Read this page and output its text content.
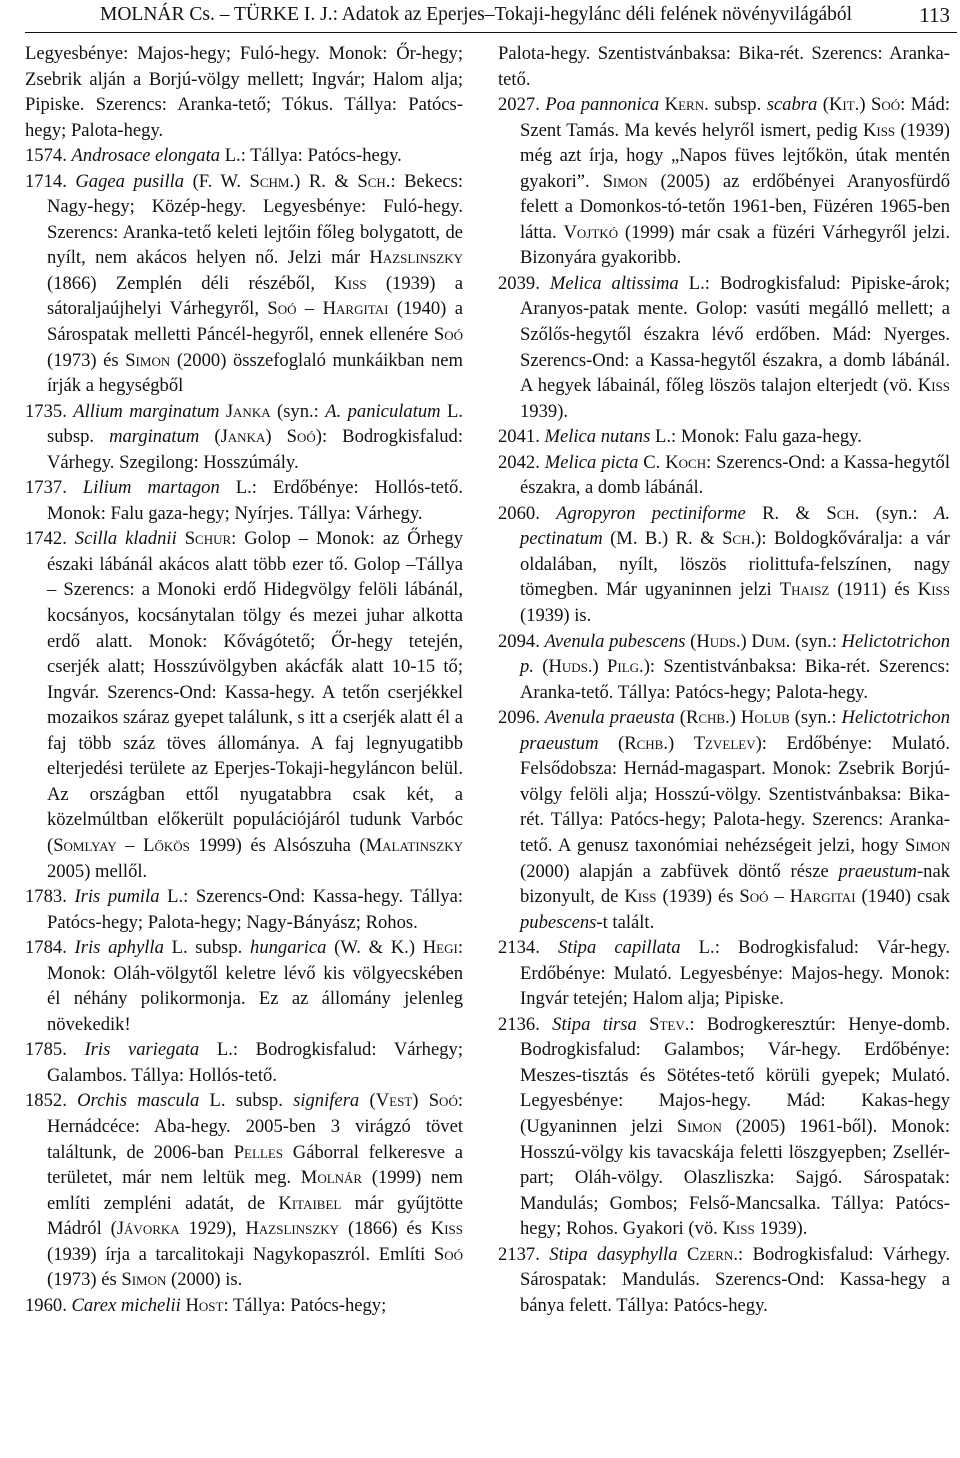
MOLNÁR Cs. – TÜRKE I. J.: Adatok az Eperjes–Tokaji-hegylánc déli felének növényvilágából	113

Legyesbénye: Majos-hegy; Fuló-hegy. Monok: Őr-hegy; Zsebrik alján a Borjú-völgy mellett; Ingvár; Halom alja; Pipiske. Szerencs: Aranka-tető; Tókus. Tállya: Patócs-hegy; Palota-hegy.

1574. Androsace elongata L.: Tállya: Patócs-hegy.

1714. Gagea pusilla (F. W. Schm.) R. & Sch.: Bekecs: Nagy-hegy; Közép-hegy. Legyesbénye: Fuló-hegy. Szerencs: Aranka-tető keleti lejtőin főleg bolygatott, de nyílt, nem akácos helyen nő. Jelzi már Hazslinszky (1866) Zemplén déli részéből, Kiss (1939) a sátoraljaújhelyi Várhegyről, Soó – Hargitai (1940) a Sárospatak melletti Páncél-hegyről, ennek ellenére Soó (1973) és Simon (2000) összefoglaló munkáikban nem írják a hegységből

1735. Allium marginatum Janka (syn.: A. paniculatum L. subsp. marginatum (Janka) Soó): Bodrogkisfalud: Várhegy. Szegilong: Hosszúmály.

1737. Lilium martagon L.: Erdőbénye: Hollós-tető. Monok: Falu gaza-hegy; Nyírjes. Tállya: Várhegy.

1742. Scilla kladnii Schur: Golop – Monok: az Őrhegy északi lábánál akácos alatt több ezer tő. Golop –Tállya – Szerencs: a Monoki erdő Hidegvölgy felöli lábánál, kocsányos, kocsánytalan tölgy és mezei juhar alkotta erdő alatt. Monok: Kővágótető; Őr-hegy tetején, cserjék alatt; Hosszúvölgyben akácfák alatt 10-15 tő; Ingvár. Szerencs-Ond: Kassa-hegy. A tetőn cserjékkel mozaikos száraz gyepet találunk, s itt a cserjék alatt él a faj több száz töves állománya. A faj legnyugatibb elterjedési területe az Eperjes-Tokaji-hegyláncon belül. Az országban ettől nyugatabbra csak két, a közelmúltban előkerült populációjáról tudunk Varbóc (Somlyay – Lőkös 1999) és Alsószuha (Malatinszky 2005) mellől.

1783. Iris pumila L.: Szerencs-Ond: Kassa-hegy. Tállya: Patócs-hegy; Palota-hegy; Nagy-Bányász; Rohos.

1784. Iris aphylla L. subsp. hungarica (W. & K.) Hegi: Monok: Oláh-völgytől keletre lévő kis völgyecskében él néhány polikormonja. Ez az állomány jelenleg növekedik!

1785. Iris variegata L.: Bodrogkisfalud: Várhegy; Galambos. Tállya: Hollós-tető.

1852. Orchis mascula L. subsp. signifera (Vest) Soó: Hernádcéce: Aba-hegy. 2005-ben 3 virágzó tövet találtunk, de 2006-ban Pelles Gáborral felkeresve a területet, már nem leltük meg. Molnár (1999) nem említi zempléni adatát, de Kitaibel már gyűjtötte Mádról (Jávorka 1929), Hazslinszky (1866) és Kiss (1939) írja a tarcalitokaji Nagykopaszról. Említi Soó (1973) és Simon (2000) is.

1960. Carex michelii Host: Tállya: Patócs-hegy;

Palota-hegy. Szentistvánbaksa: Bika-rét. Szerencs: Aranka-tető.

2027. Poa pannonica Kern. subsp. scabra (Kit.) Soó: Mád: Szent Tamás. Ma kevés helyről ismert, pedig Kiss (1939) még azt írja, hogy „Napos füves lejtőkön, útak mentén gyakori”. Simon (2005) az erdőbényei Aranyosfürdő felett a Domonkos-tó-tetőn 1961-ben, Füzéren 1965-ben látta. Vojtkó (1999) már csak a füzéri Várhegyről jelzi. Bizonyára gyakoribb.

2039. Melica altissima L.: Bodrogkisfalud: Pipiske-árok; Aranyos-patak mente. Golop: vasúti megálló mellett; a Szőlős-hegytől északra lévő erdőben. Mád: Nyerges. Szerencs-Ond: a Kassa-hegytől északra, a domb lábánál. A hegyek lábainál, főleg löszös talajon elterjedt (vö. Kiss 1939).

2041. Melica nutans L.: Monok: Falu gaza-hegy.

2042. Melica picta C. Koch: Szerencs-Ond: a Kassa-hegytől északra, a domb lábánál.

2060. Agropyron pectiniforme R. & Sch. (syn.: A. pectinatum (M. B.) R. & Sch.): Boldogkőváralja: a vár oldalában, nyílt, löszös riolittufa-felszínen, nagy tömegben. Már ugyaninnen jelzi Thaisz (1911) és Kiss (1939) is.

2094. Avenula pubescens (Huds.) Dum. (syn.: Helictotrichon p. (Huds.) Pilg.): Szentistvánbaksa: Bika-rét. Szerencs: Aranka-tető. Tállya: Patócs-hegy; Palota-hegy.

2096. Avenula praeusta (Rchb.) Holub (syn.: Helictotrichon praeustum (Rchb.) Tzvelev): Erdőbénye: Mulató. Felsődobsza: Hernád-magaspart. Monok: Zsebrik Borjú-völgy felöli alja; Hosszú-völgy. Szentistvánbaksa: Bika-rét. Tállya: Patócs-hegy; Palota-hegy. Szerencs: Aranka-tető. A genusz taxonómiai nehézségeit jelzi, hogy Simon (2000) alapján a zabfüvek döntő része praeustum-nak bizonyult, de Kiss (1939) és Soó – Hargitai (1940) csak pubescens-t talált.

2134. Stipa capillata L.: Bodrogkisfalud: Vár-hegy. Erdőbénye: Mulató. Legyesbénye: Majos-hegy. Monok: Ingvár tetején; Halom alja; Pipiske.

2136. Stipa tirsa Stev.: Bodrogkeresztúr: Henye-domb. Bodrogkisfalud: Galambos; Vár-hegy. Erdőbénye: Meszes-tisztás és Sötétes-tető körüli gyepek; Mulató. Legyesbénye: Majos-hegy. Mád: Kakas-hegy (Ugyaninnen jelzi Simon (2005) 1961-ből). Monok: Hosszú-völgy kis tavacskája feletti löszgyepben; Zsellér-part; Oláh-völgy. Olaszliszka: Sajgó. Sárospatak: Mandulás; Gombos; Felső-Mancsalka. Tállya: Patócs-hegy; Rohos. Gyakori (vö. Kiss 1939).

2137. Stipa dasyphylla Czern.: Bodrogkisfalud: Várhegy. Sárospatak: Mandulás. Szerencs-Ond: Kassa-hegy a bánya felett. Tállya: Patócs-hegy.
